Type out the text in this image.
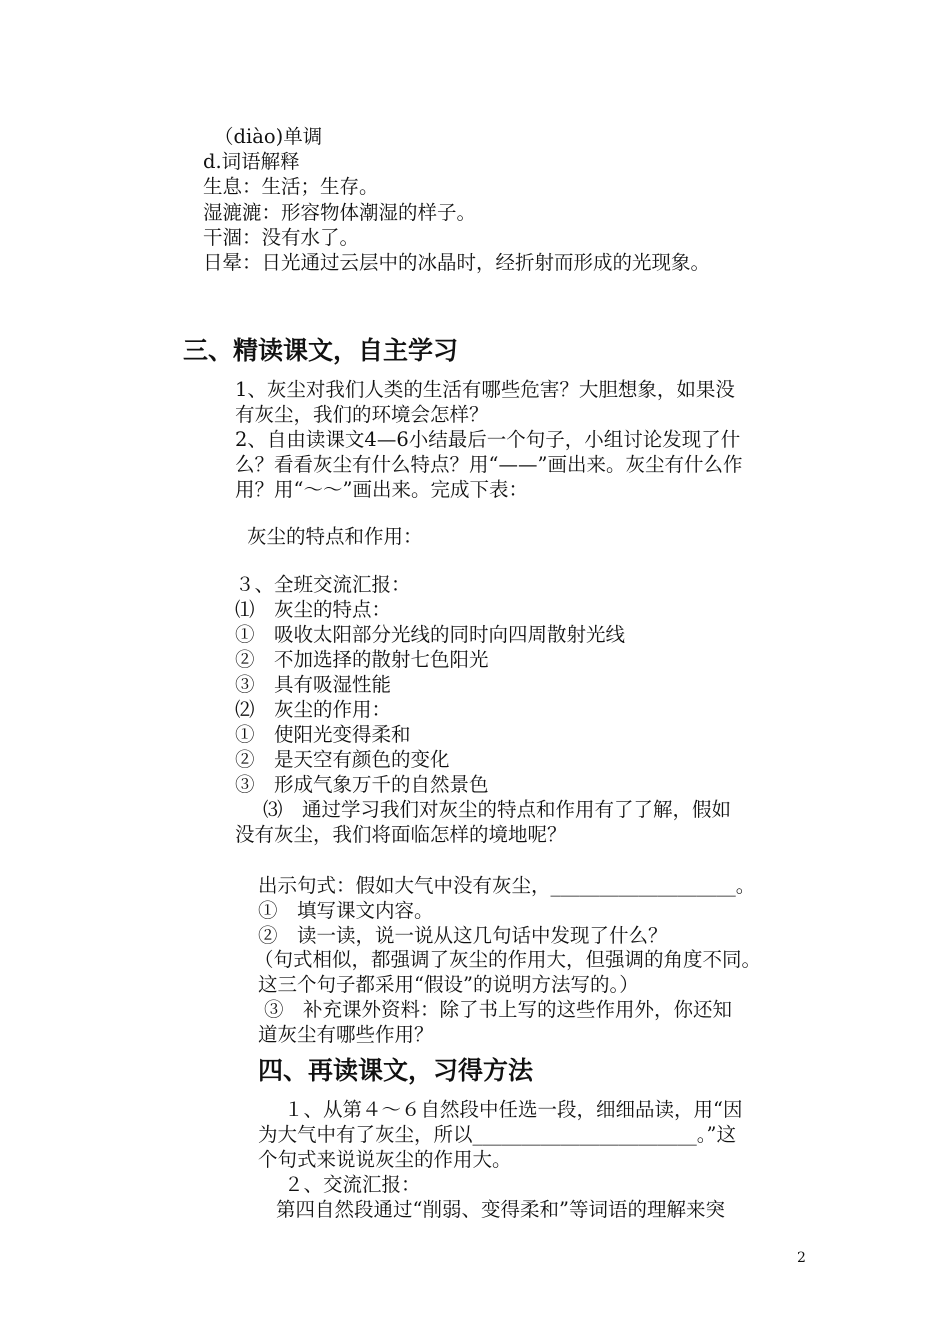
（diào)单调
d.词语解释
生息：生活；生存。
湿漉漉：形容物体潮湿的样子。
干涸：没有水了。
日晕：日光通过云层中的冰晶时，经折射而形成的光现象。
三、精读课文，自主学习
1、灰尘对我们人类的生活有哪些危害？大胆想象，如果没
有灰尘，我们的环境会怎样？
2、自由读课文4—6小结最后一个句子，小组讨论发现了什
么？看看灰尘有什么特点？用“——”画出来。灰尘有什么作
用？用“～～”画出来。完成下表：
灰尘的特点和作用：
３、全班交流汇报：
⑴　灰尘的特点：
①　吸收太阳部分光线的同时向四周散射光线
②　不加选择的散射七色阳光
③　具有吸湿性能
⑵　灰尘的作用：
①　使阳光变得柔和
②　是天空有颜色的变化
③　形成气象万千的自然景色
⑶　通过学习我们对灰尘的特点和作用有了了解，假如
没有灰尘，我们将面临怎样的境地呢？
出示句式：假如大气中没有灰尘，___________________。
①　填写课文内容。
②　读一读，说一说从这几句话中发现了什么？
（句式相似，都强调了灰尘的作用大，但强调的角度不同。
这三个句子都采用“假设”的说明方法写的。）
③　补充课外资料：除了书上写的这些作用外，你还知
道灰尘有哪些作用？
四、再读课文，习得方法
１、从第４～６自然段中任选一段，细细品读，用“因
为大气中有了灰尘，所以_______________________。”这
个句式来说说灰尘的作用大。
２、交流汇报：
第四自然段通过“削弱、变得柔和”等词语的理解来突
2
